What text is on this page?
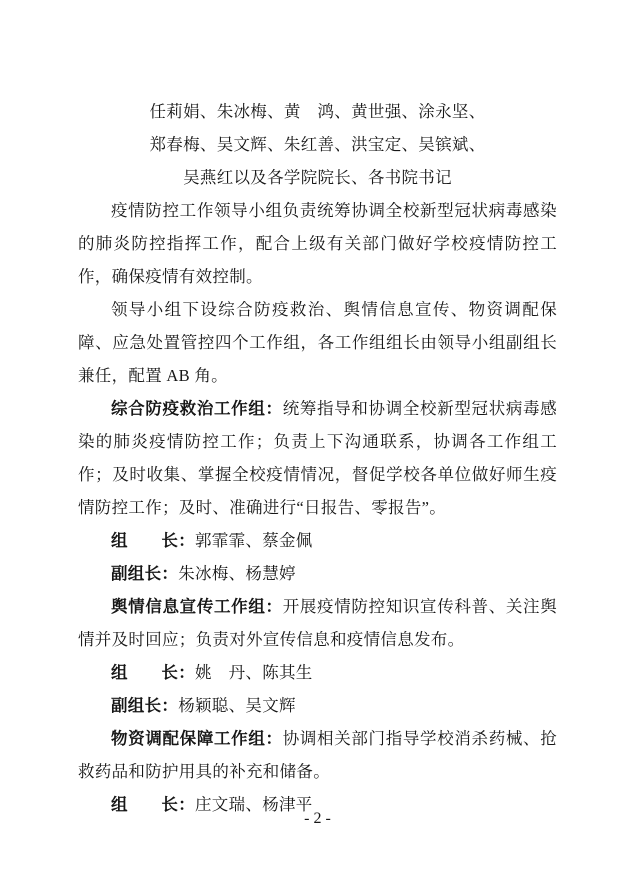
任莉娟、朱冰梅、黄　鸿、黄世强、涂永坚、

郑春梅、吴文辉、朱红善、洪宝定、吴镔斌、

吴燕红以及各学院院长、各书院书记

疫情防控工作领导小组负责统筹协调全校新型冠状病毒感染的肺炎防控指挥工作，配合上级有关部门做好学校疫情防控工作，确保疫情有效控制。

领导小组下设综合防疫救治、舆情信息宣传、物资调配保障、应急处置管控四个工作组，各工作组组长由领导小组副组长兼任，配置 AB 角。

综合防疫救治工作组：统筹指导和协调全校新型冠状病毒感染的肺炎疫情防控工作；负责上下沟通联系，协调各工作组工作；及时收集、掌握全校疫情情况，督促学校各单位做好师生疫情防控工作；及时、准确进行“日报告、零报告”。

组　　长：郭霏霏、蔡金佩

副组长：朱冰梅、杨慧婷

舆情信息宣传工作组：开展疫情防控知识宣传科普、关注舆情并及时回应；负责对外宣传信息和疫情信息发布。

组　　长：姚　丹、陈其生

副组长：杨颖聪、吴文辉

物资调配保障工作组：协调相关部门指导学校消杀药械、抢救药品和防护用具的补充和储备。

组　　长：庄文瑞、杨津平

- 2 -
